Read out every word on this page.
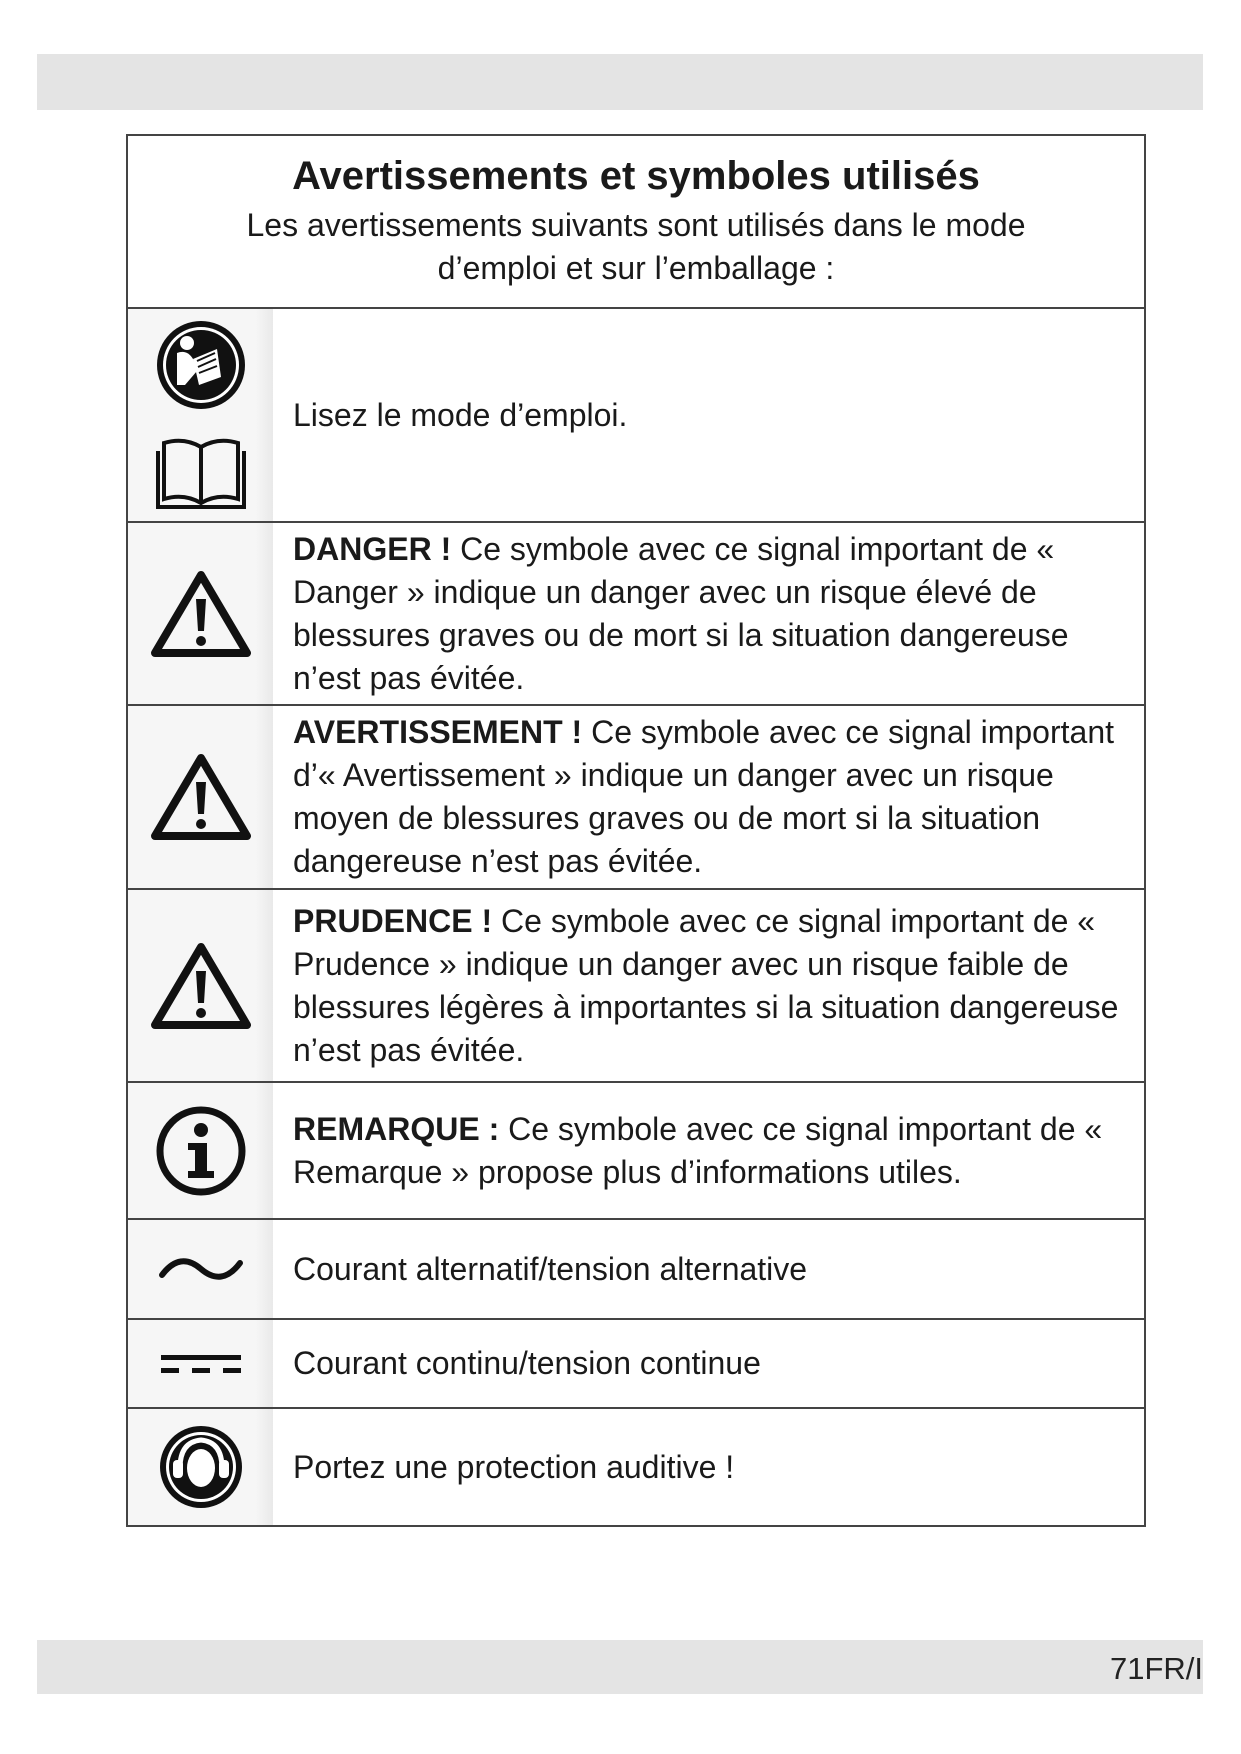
Avertissements et symboles utilisés

Les avertissements suivants sont utilisés dans le mode d’emploi et sur l’emballage :

Lisez le mode d’emploi.
DANGER ! Ce symbole avec ce signal important de « Danger » indique un danger avec un risque élevé de blessures graves ou de mort si la situation dangereuse n’est pas évitée.
AVERTISSEMENT ! Ce symbole avec ce signal important d’« Avertissement » indique un danger avec un risque moyen de blessures graves ou de mort si la situation dangereuse n’est pas évitée.
PRUDENCE ! Ce symbole avec ce signal important de « Prudence » indique un danger avec un risque faible de blessures légères à importantes si la situation dangereuse n’est pas évitée.
REMARQUE : Ce symbole avec ce signal important de « Remarque » propose plus d’informations utiles.
Courant alternatif/tension alternative
Courant continu/tension continue
Portez une protection auditive !
71FR/I
